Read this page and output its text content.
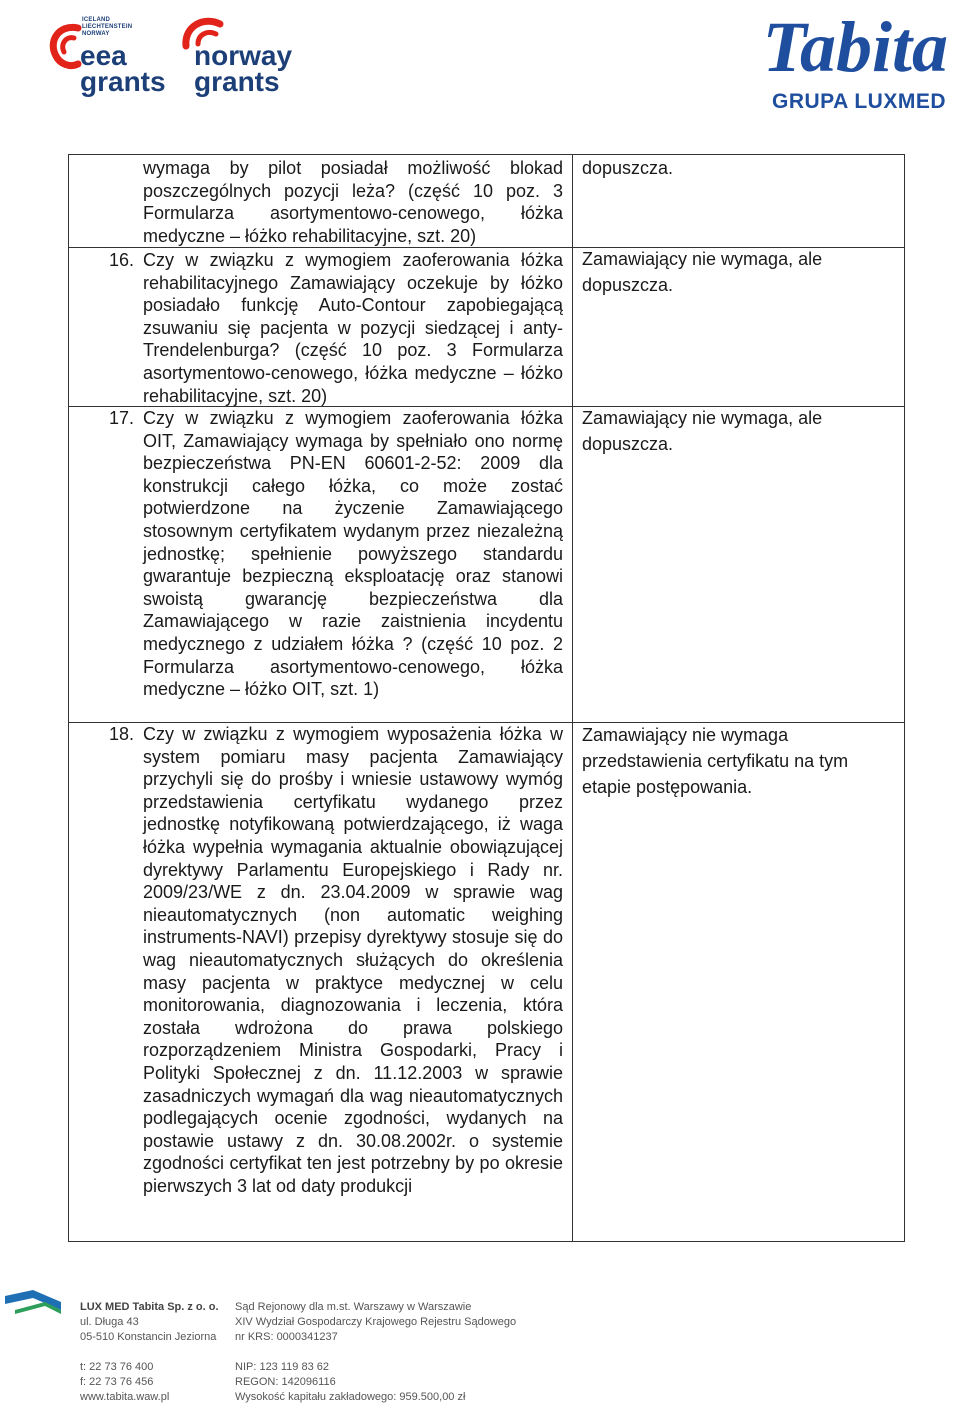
ICELAND
LIECHTENSTEIN
NORWAY
eea
grants
norway
grants	Tabita
GRUPA LUXMED
wymaga by pilot posiadał możliwość blokad poszczególnych pozycji leża? (część 10 poz. 3 Formularza asortymentowo-cenowego, łóżka medyczne – łóżko rehabilitacyjne, szt. 20)
dopuszcza.
16. Czy w związku z wymogiem zaoferowania łóżka rehabilitacyjnego Zamawiający oczekuje by łóżko posiadało funkcję Auto-Contour zapobiegającą zsuwaniu się pacjenta w pozycji siedzącej i anty-Trendelenburga? (część 10 poz. 3 Formularza asortymentowo-cenowego, łóżka medyczne – łóżko rehabilitacyjne, szt. 20)
Zamawiający nie wymaga, ale dopuszcza.
17. Czy w związku z wymogiem zaoferowania łóżka OIT, Zamawiający wymaga by spełniało ono normę bezpieczeństwa PN-EN 60601-2-52: 2009 dla konstrukcji całego łóżka, co może zostać potwierdzone na życzenie Zamawiającego stosownym certyfikatem wydanym przez niezależną jednostkę; spełnienie powyższego standardu gwarantuje bezpieczną eksploatację oraz stanowi swoistą gwarancję bezpieczeństwa dla Zamawiającego w razie zaistnienia incydentu medycznego z udziałem łóżka ? (część 10 poz. 2 Formularza asortymentowo-cenowego, łóżka medyczne – łóżko OIT, szt. 1)
Zamawiający nie wymaga, ale dopuszcza.
18. Czy w związku z wymogiem wyposażenia łóżka w system pomiaru masy pacjenta Zamawiający przychyli się do prośby i wniesie ustawowy wymóg przedstawienia certyfikatu wydanego przez jednostkę notyfikowaną potwierdzającego, iż waga łóżka wypełnia wymagania aktualnie obowiązującej dyrektywy Parlamentu Europejskiego i Rady nr. 2009/23/WE z dn. 23.04.2009 w sprawie wag nieautomatycznych (non automatic weighing instruments-NAVI) przepisy dyrektywy stosuje się do wag nieautomatycznych służących do określenia masy pacjenta w praktyce medycznej w celu monitorowania, diagnozowania i leczenia, która została wdrożona do prawa polskiego rozporządzeniem Ministra Gospodarki, Pracy i Polityki Społecznej z dn. 11.12.2003 w sprawie zasadniczych wymagań dla wag nieautomatycznych podlegających ocenie zgodności, wydanych na postawie ustawy z dn. 30.08.2002r. o systemie zgodności certyfikat ten jest potrzebny by po okresie pierwszych 3 lat od daty produkcji
Zamawiający nie wymaga przedstawienia certyfikatu na tym etapie postępowania.
LUX MED Tabita Sp. z o. o.
ul. Długa 43
05-510 Konstancin Jeziorna
Sąd Rejonowy dla m.st. Warszawy w Warszawie
XIV Wydział Gospodarczy Krajowego Rejestru Sądowego
nr KRS: 0000341237
t: 22 73 76 400
f: 22 73 76 456
www.tabita.waw.pl
NIP: 123 119 83 62
REGON: 142096116
Wysokość kapitału zakładowego: 959.500,00 zł
